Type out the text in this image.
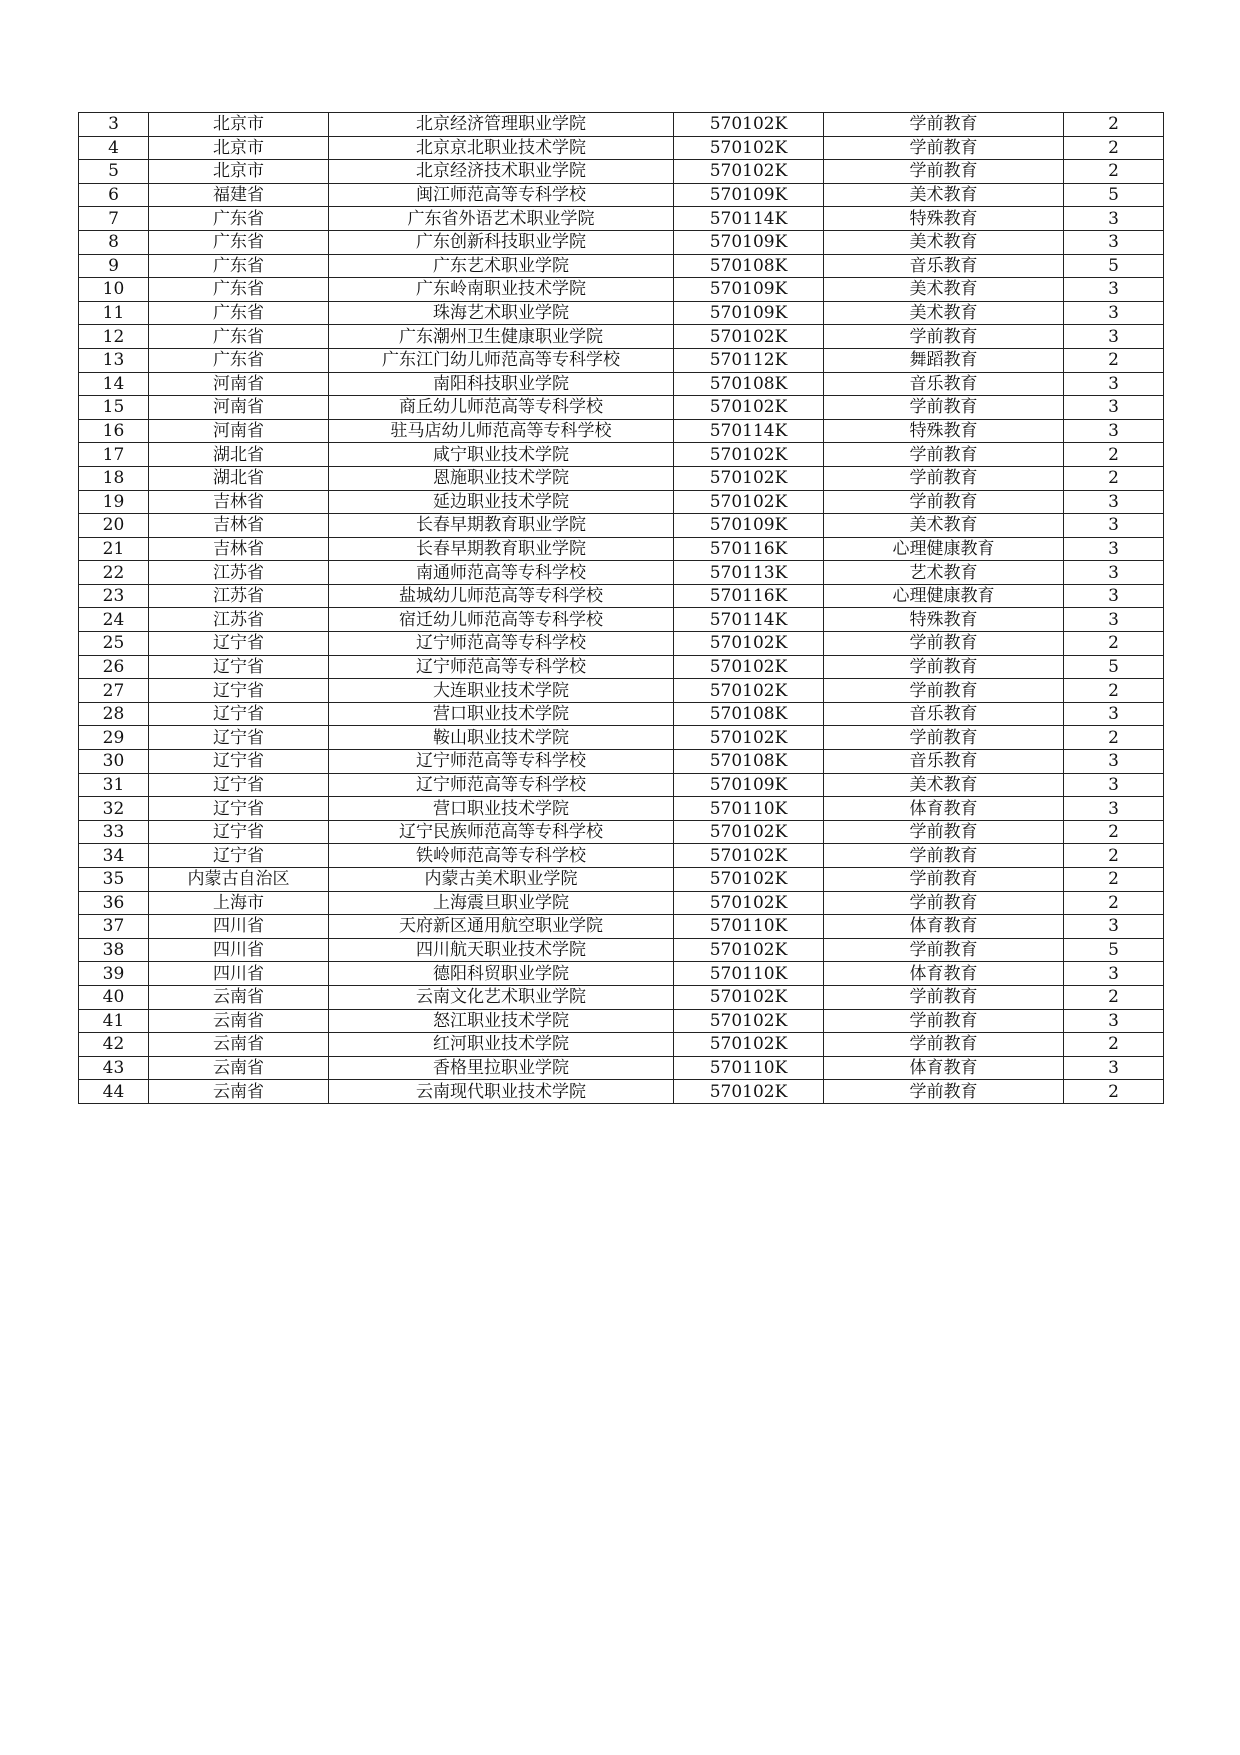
3	北京市	北京经济管理职业学院	570102K	学前教育	2
4	北京市	北京京北职业技术学院	570102K	学前教育	2
5	北京市	北京经济技术职业学院	570102K	学前教育	2
6	福建省	闽江师范高等专科学校	570109K	美术教育	5
7	广东省	广东省外语艺术职业学院	570114K	特殊教育	3
8	广东省	广东创新科技职业学院	570109K	美术教育	3
9	广东省	广东艺术职业学院	570108K	音乐教育	5
10	广东省	广东岭南职业技术学院	570109K	美术教育	3
11	广东省	珠海艺术职业学院	570109K	美术教育	3
12	广东省	广东潮州卫生健康职业学院	570102K	学前教育	3
13	广东省	广东江门幼儿师范高等专科学校	570112K	舞蹈教育	2
14	河南省	南阳科技职业学院	570108K	音乐教育	3
15	河南省	商丘幼儿师范高等专科学校	570102K	学前教育	3
16	河南省	驻马店幼儿师范高等专科学校	570114K	特殊教育	3
17	湖北省	咸宁职业技术学院	570102K	学前教育	2
18	湖北省	恩施职业技术学院	570102K	学前教育	2
19	吉林省	延边职业技术学院	570102K	学前教育	3
20	吉林省	长春早期教育职业学院	570109K	美术教育	3
21	吉林省	长春早期教育职业学院	570116K	心理健康教育	3
22	江苏省	南通师范高等专科学校	570113K	艺术教育	3
23	江苏省	盐城幼儿师范高等专科学校	570116K	心理健康教育	3
24	江苏省	宿迁幼儿师范高等专科学校	570114K	特殊教育	3
25	辽宁省	辽宁师范高等专科学校	570102K	学前教育	2
26	辽宁省	辽宁师范高等专科学校	570102K	学前教育	5
27	辽宁省	大连职业技术学院	570102K	学前教育	2
28	辽宁省	营口职业技术学院	570108K	音乐教育	3
29	辽宁省	鞍山职业技术学院	570102K	学前教育	2
30	辽宁省	辽宁师范高等专科学校	570108K	音乐教育	3
31	辽宁省	辽宁师范高等专科学校	570109K	美术教育	3
32	辽宁省	营口职业技术学院	570110K	体育教育	3
33	辽宁省	辽宁民族师范高等专科学校	570102K	学前教育	2
34	辽宁省	铁岭师范高等专科学校	570102K	学前教育	2
35	内蒙古自治区	内蒙古美术职业学院	570102K	学前教育	2
36	上海市	上海震旦职业学院	570102K	学前教育	2
37	四川省	天府新区通用航空职业学院	570110K	体育教育	3
38	四川省	四川航天职业技术学院	570102K	学前教育	5
39	四川省	德阳科贸职业学院	570110K	体育教育	3
40	云南省	云南文化艺术职业学院	570102K	学前教育	2
41	云南省	怒江职业技术学院	570102K	学前教育	3
42	云南省	红河职业技术学院	570102K	学前教育	2
43	云南省	香格里拉职业学院	570110K	体育教育	3
44	云南省	云南现代职业技术学院	570102K	学前教育	2
